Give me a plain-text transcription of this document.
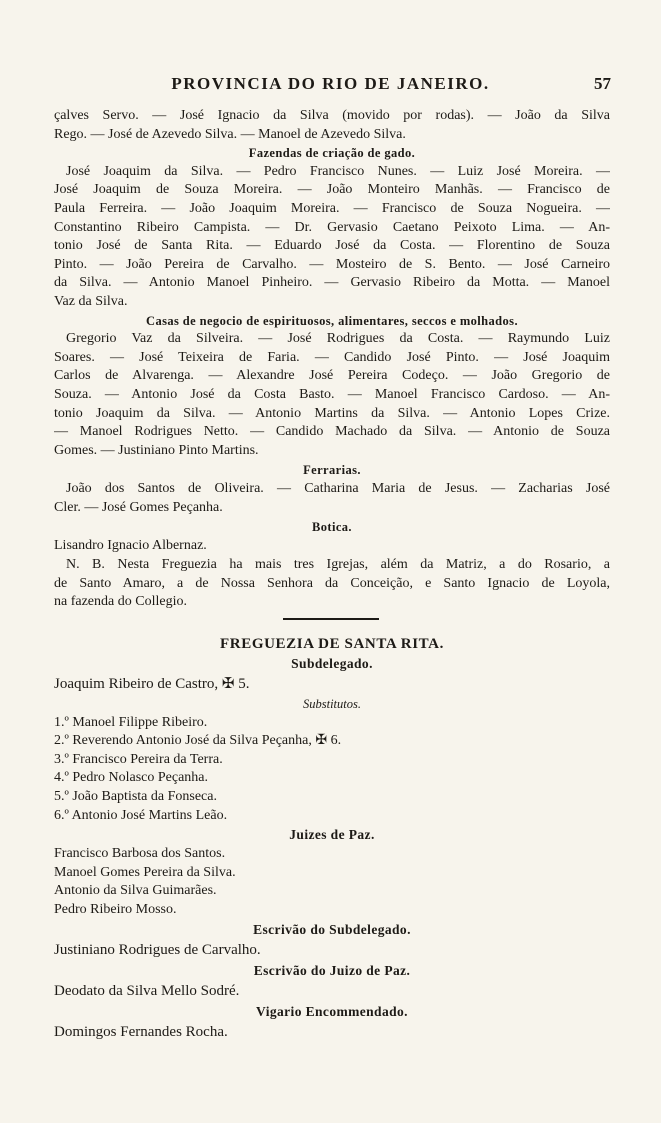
PROVINCIA DO RIO DE JANEIRO.	57
çalves Servo. — José Ignacio da Silva (movido por rodas). — João da Silva
Rego. — José de Azevedo Silva. — Manoel de Azevedo Silva.
Fazendas de criação de gado.
José Joaquim da Silva. — Pedro Francisco Nunes. — Luiz José Moreira. —
José Joaquim de Souza Moreira. — João Monteiro Manhãs. — Francisco de
Paula Ferreira. — João Joaquim Moreira. — Francisco de Souza Nogueira. —
Constantino Ribeiro Campista. — Dr. Gervasio Caetano Peixoto Lima. — An-
tonio José de Santa Rita. — Eduardo José da Costa. — Florentino de Souza
Pinto. — João Pereira de Carvalho. — Mosteiro de S. Bento. — José Carneiro
da Silva. — Antonio Manoel Pinheiro. — Gervasio Ribeiro da Motta. — Manoel
Vaz da Silva.
Casas de negocio de espirituosos, alimentares, seccos e molhados.
Gregorio Vaz da Silveira. — José Rodrigues da Costa. — Raymundo Luiz
Soares. — José Teixeira de Faria. — Candido José Pinto. — José Joaquim
Carlos de Alvarenga. — Alexandre José Pereira Codeço. — João Gregorio de
Souza. — Antonio José da Costa Basto. — Manoel Francisco Cardoso. — An-
tonio Joaquim da Silva. — Antonio Martins da Silva. — Antonio Lopes Crize.
— Manoel Rodrigues Netto. — Candido Machado da Silva. — Antonio de Souza
Gomes. — Justiniano Pinto Martins.
Ferrarias.
João dos Santos de Oliveira. — Catharina Maria de Jesus. — Zacharias José
Cler. — José Gomes Peçanha.
Botica.
Lisandro Ignacio Albernaz.
N. B. Nesta Freguezia ha mais tres Igrejas, além da Matriz, a do Rosario, a
de Santo Amaro, a de Nossa Senhora da Conceição, e Santo Ignacio de Loyola,
na fazenda do Collegio.
FREGUEZIA DE SANTA RITA.
Subdelegado.
Joaquim Ribeiro de Castro, ✠ 5.
Substitutos.
1.º Manoel Filippe Ribeiro.
2.º Reverendo Antonio José da Silva Peçanha, ✠ 6.
3.º Francisco Pereira da Terra.
4.º Pedro Nolasco Peçanha.
5.º João Baptista da Fonseca.
6.º Antonio José Martins Leão.
Juizes de Paz.
Francisco Barbosa dos Santos.
Manoel Gomes Pereira da Silva.
Antonio da Silva Guimarães.
Pedro Ribeiro Mosso.
Escrivão do Subdelegado.
Justiniano Rodrigues de Carvalho.
Escrivão do Juizo de Paz.
Deodato da Silva Mello Sodré.
Vigario Encommendado.
Domingos Fernandes Rocha.
